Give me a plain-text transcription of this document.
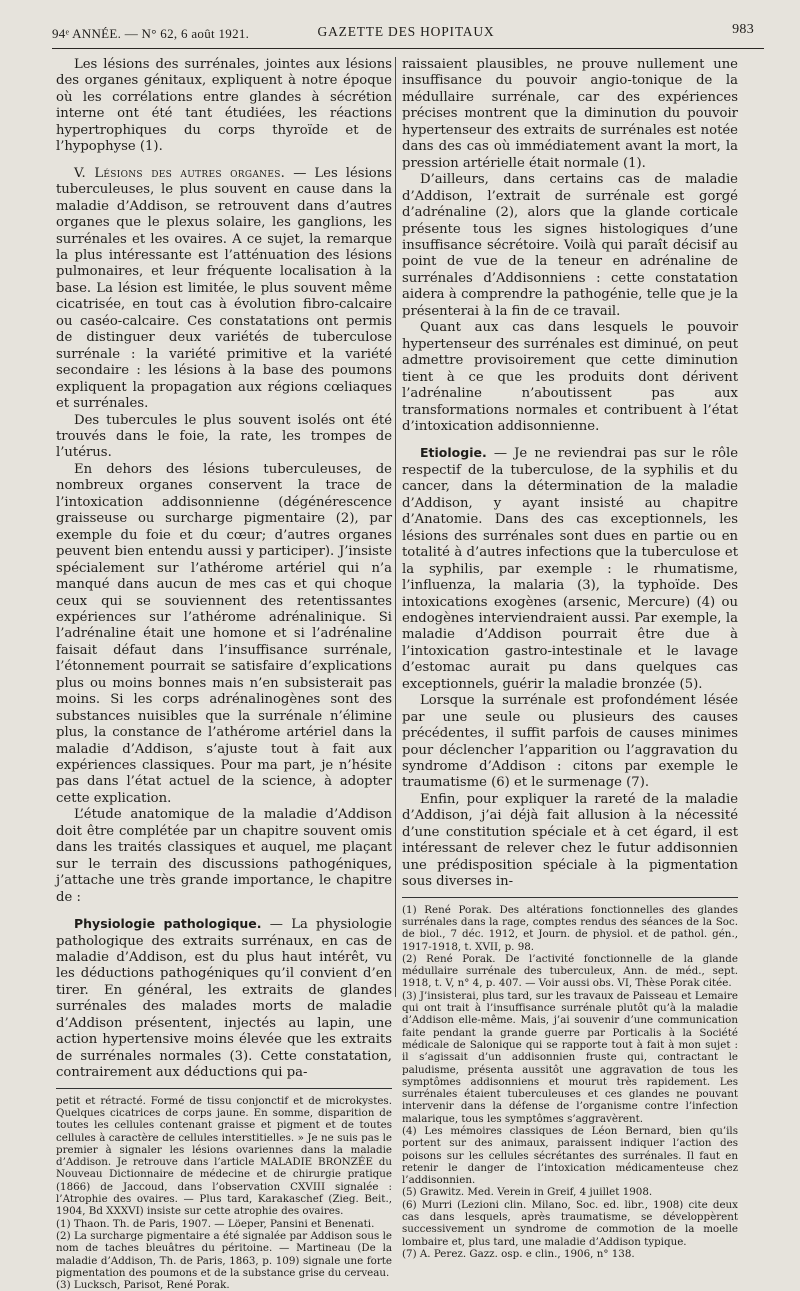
94ᵉ ANNÉE. — N° 62, 6 août 1921.	GAZETTE DES HOPITAUX	983

Les lésions des surrénales, jointes aux lésions des organes génitaux, expliquent à notre époque où les corrélations entre glandes à sécrétion interne ont été tant étudiées, les réactions hypertrophiques du corps thyroïde et de l’hypophyse (1).

V. Lésions des autres organes. — Les lésions tuberculeuses, le plus souvent en cause dans la maladie d’Addison, se retrouvent dans d’autres organes que le plexus solaire, les ganglions, les surrénales et les ovaires. A ce sujet, la remarque la plus intéressante est l’atténuation des lésions pulmonaires, et leur fréquente localisation à la base. La lésion est limitée, le plus souvent même cicatrisée, en tout cas à évolution fibro-calcaire ou caséo-calcaire. Ces constatations ont permis de distinguer deux variétés de tuberculose surrénale : la variété primitive et la variété secondaire : les lésions à la base des poumons expliquent la propagation aux régions cœliaques et surrénales.

Des tubercules le plus souvent isolés ont été trouvés dans le foie, la rate, les trompes de l’utérus.

En dehors des lésions tuberculeuses, de nombreux organes conservent la trace de l’intoxication addisonnienne (dégénérescence graisseuse ou surcharge pigmentaire (2), par exemple du foie et du cœur; d’autres organes peuvent bien entendu aussi y participer). J’insiste spécialement sur l’athérome artériel qui n’a manqué dans aucun de mes cas et qui choque ceux qui se souviennent des retentissantes expériences sur l’athérome adrénalinique. Si l’adrénaline était une homone et si l’adrénaline faisait défaut dans l’insuffisance surrénale, l’étonnement pourrait se satisfaire d’explications plus ou moins bonnes mais n’en subsisterait pas moins. Si les corps adrénalinogènes sont des substances nuisibles que la surrénale n’élimine plus, la constance de l’athérome artériel dans la maladie d’Addison, s’ajuste tout à fait aux expériences classiques. Pour ma part, je n’hésite pas dans l’état actuel de la science, à adopter cette explication.

L’étude anatomique de la maladie d’Addison doit être complétée par un chapitre souvent omis dans les traités classiques et auquel, me plaçant sur le terrain des discussions pathogéniques, j’attache une très grande importance, le chapitre de :

Physiologie pathologique. — La physiologie pathologique des extraits surrénaux, en cas de maladie d’Addison, est du plus haut intérêt, vu les déductions pathogéniques qu’il convient d’en tirer. En général, les extraits de glandes surrénales des malades morts de maladie d’Addison présentent, injectés au lapin, une action hypertensive moins élevée que les extraits de surrénales normales (3). Cette constatation, contrairement aux déductions qui pa-

petit et rétracté. Formé de tissu conjonctif et de microkystes. Quelques cicatrices de corps jaune. En somme, disparition de toutes les cellules contenant graisse et pigment et de toutes cellules à caractère de cellules interstitielles. » Je ne suis pas le premier à signaler les lésions ovariennes dans la maladie d’Addison. Je retrouve dans l’article MALADIE BRONZÉE du Nouveau Dictionnaire de médecine et de chirurgie pratique (1866) de Jaccoud, dans l’observation CXVIII signalée : l’Atrophie des ovaires. — Plus tard, Karakaschef (Zieg. Beit., 1904, Bd XXXVI) insiste sur cette atrophie des ovaires.

(1) Thaon. Th. de Paris, 1907. — Löeper, Pansini et Benenati.

(2) La surcharge pigmentaire a été signalée par Addison sous le nom de taches bleuâtres du péritoine. — Martineau (De la maladie d’Addison, Th. de Paris, 1863, p. 109) signale une forte pigmentation des poumons et de la substance grise du cerveau.

(3) Lucksch, Parisot, René Porak.

raissaient plausibles, ne prouve nullement une insuffisance du pouvoir angio-tonique de la médullaire surrénale, car des expériences précises montrent que la diminution du pouvoir hypertenseur des extraits de surrénales est notée dans des cas où immédiatement avant la mort, la pression artérielle était normale (1).

D’ailleurs, dans certains cas de maladie d’Addison, l’extrait de surrénale est gorgé d’adrénaline (2), alors que la glande corticale présente tous les signes histologiques d’une insuffisance sécrétoire. Voilà qui paraît décisif au point de vue de la teneur en adrénaline de surrénales d’Addisonniens : cette constatation aidera à comprendre la pathogénie, telle que je la présenterai à la fin de ce travail.

Quant aux cas dans lesquels le pouvoir hypertenseur des surrénales est diminué, on peut admettre provisoirement que cette diminution tient à ce que les produits dont dérivent l’adrénaline n’aboutissent pas aux transformations normales et contribuent à l’état d’intoxication addisonnienne.

Etiologie. — Je ne reviendrai pas sur le rôle respectif de la tuberculose, de la syphilis et du cancer, dans la détermination de la maladie d’Addison, y ayant insisté au chapitre d’Anatomie. Dans des cas exceptionnels, les lésions des surrénales sont dues en partie ou en totalité à d’autres infections que la tuberculose et la syphilis, par exemple : le rhumatisme, l’influenza, la malaria (3), la typhoïde. Des intoxications exogènes (arsenic, Mercure) (4) ou endogènes interviendraient aussi. Par exemple, la maladie d’Addison pourrait être due à l’intoxication gastro-intestinale et le lavage d’estomac aurait pu dans quelques cas exceptionnels, guérir la maladie bronzée (5).

Lorsque la surrénale est profondément lésée par une seule ou plusieurs des causes précédentes, il suffit parfois de causes minimes pour déclencher l’apparition ou l’aggravation du syndrome d’Addison : citons par exemple le traumatisme (6) et le surmenage (7).

Enfin, pour expliquer la rareté de la maladie d’Addison, j’ai déjà fait allusion à la nécessité d’une constitution spéciale et à cet égard, il est intéressant de relever chez le futur addisonnien une prédisposition spéciale à la pigmentation sous diverses in-

(1) René Porak. Des altérations fonctionnelles des glandes surrénales dans la rage, comptes rendus des séances de la Soc. de biol., 7 déc. 1912, et Journ. de physiol. et de pathol. gén., 1917-1918, t. XVII, p. 98.

(2) René Porak. De l’activité fonctionnelle de la glande médullaire surrénale des tuberculeux, Ann. de méd., sept. 1918, t. V, n° 4, p. 407. — Voir aussi obs. VI, Thèse Porak citée.

(3) J’insisterai, plus tard, sur les travaux de Paisseau et Lemaire qui ont trait à l’insuffisance surrénale plutôt qu’à la maladie d’Addison elle-même. Mais, j’ai souvenir d’une communication faite pendant la grande guerre par Porticalis à la Société médicale de Salonique qui se rapporte tout à fait à mon sujet : il s’agissait d’un addisonnien fruste qui, contractant le paludisme, présenta aussitôt une aggravation de tous les symptômes addisonniens et mourut très rapidement. Les surrénales étaient tuberculeuses et ces glandes ne pouvant intervenir dans la défense de l’organisme contre l’infection malarique, tous les symptômes s’aggravèrent.

(4) Les mémoires classiques de Léon Bernard, bien qu’ils portent sur des animaux, paraissent indiquer l’action des poisons sur les cellules sécrétantes des surrénales. Il faut en retenir le danger de l’intoxication médicamenteuse chez l’addisonnien.

(5) Grawitz. Med. Verein in Greif, 4 juillet 1908.

(6) Murri (Lezioni clin. Milano, Soc. ed. libr., 1908) cite deux cas dans lesquels, après traumatisme, se développèrent successivement un syndrome de commotion de la moelle lombaire et, plus tard, une maladie d’Addison typique.

(7) A. Perez. Gazz. osp. e clin., 1906, n° 138.
